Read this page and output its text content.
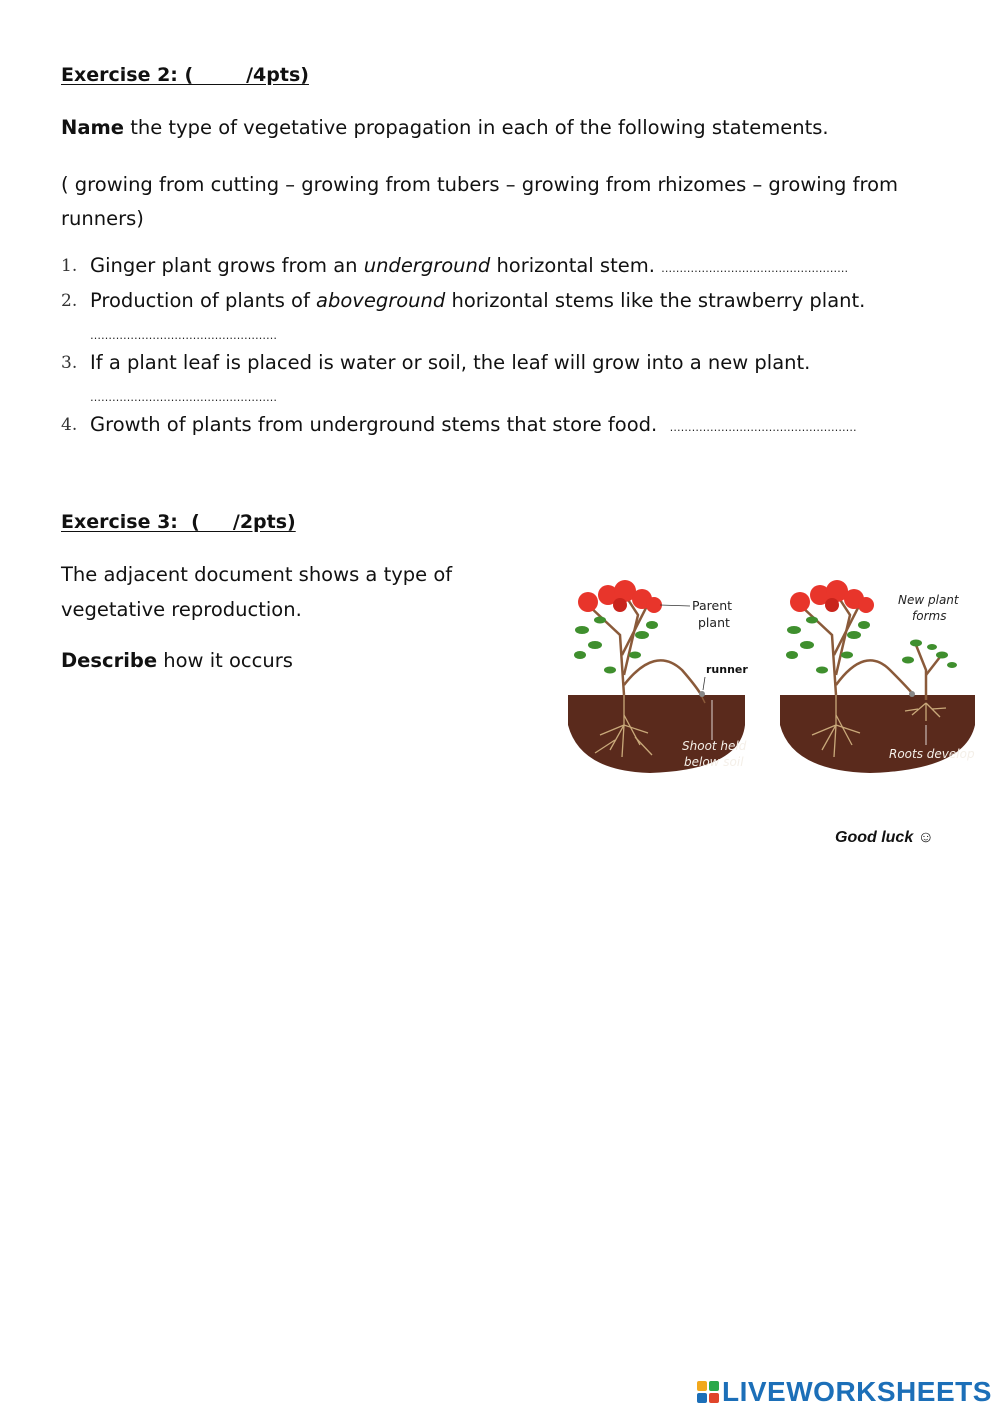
Exercise 2: (        /4pts)
Name the type of vegetative propagation in each of the following statements.
( growing from cutting – growing from tubers – growing from rhizomes – growing from runners)
1. Ginger plant grows from an underground horizontal stem. ……………………………………………
2. Production of plants of aboveground horizontal stems like the strawberry plant.
……………………………………………
3. If a plant leaf is placed is water or soil, the leaf will grow into a new plant.
……………………………………………
4. Growth of plants from underground stems that store food.  ……………………………………………
Exercise 3:  (     /2pts)
The adjacent document shows a type of
vegetative reproduction.
Describe how it occurs
Parent
plant
runner
Shoot held
below soil
New plant
forms
Roots develop
Good luck ☺
LIVEWORKSHEETS
